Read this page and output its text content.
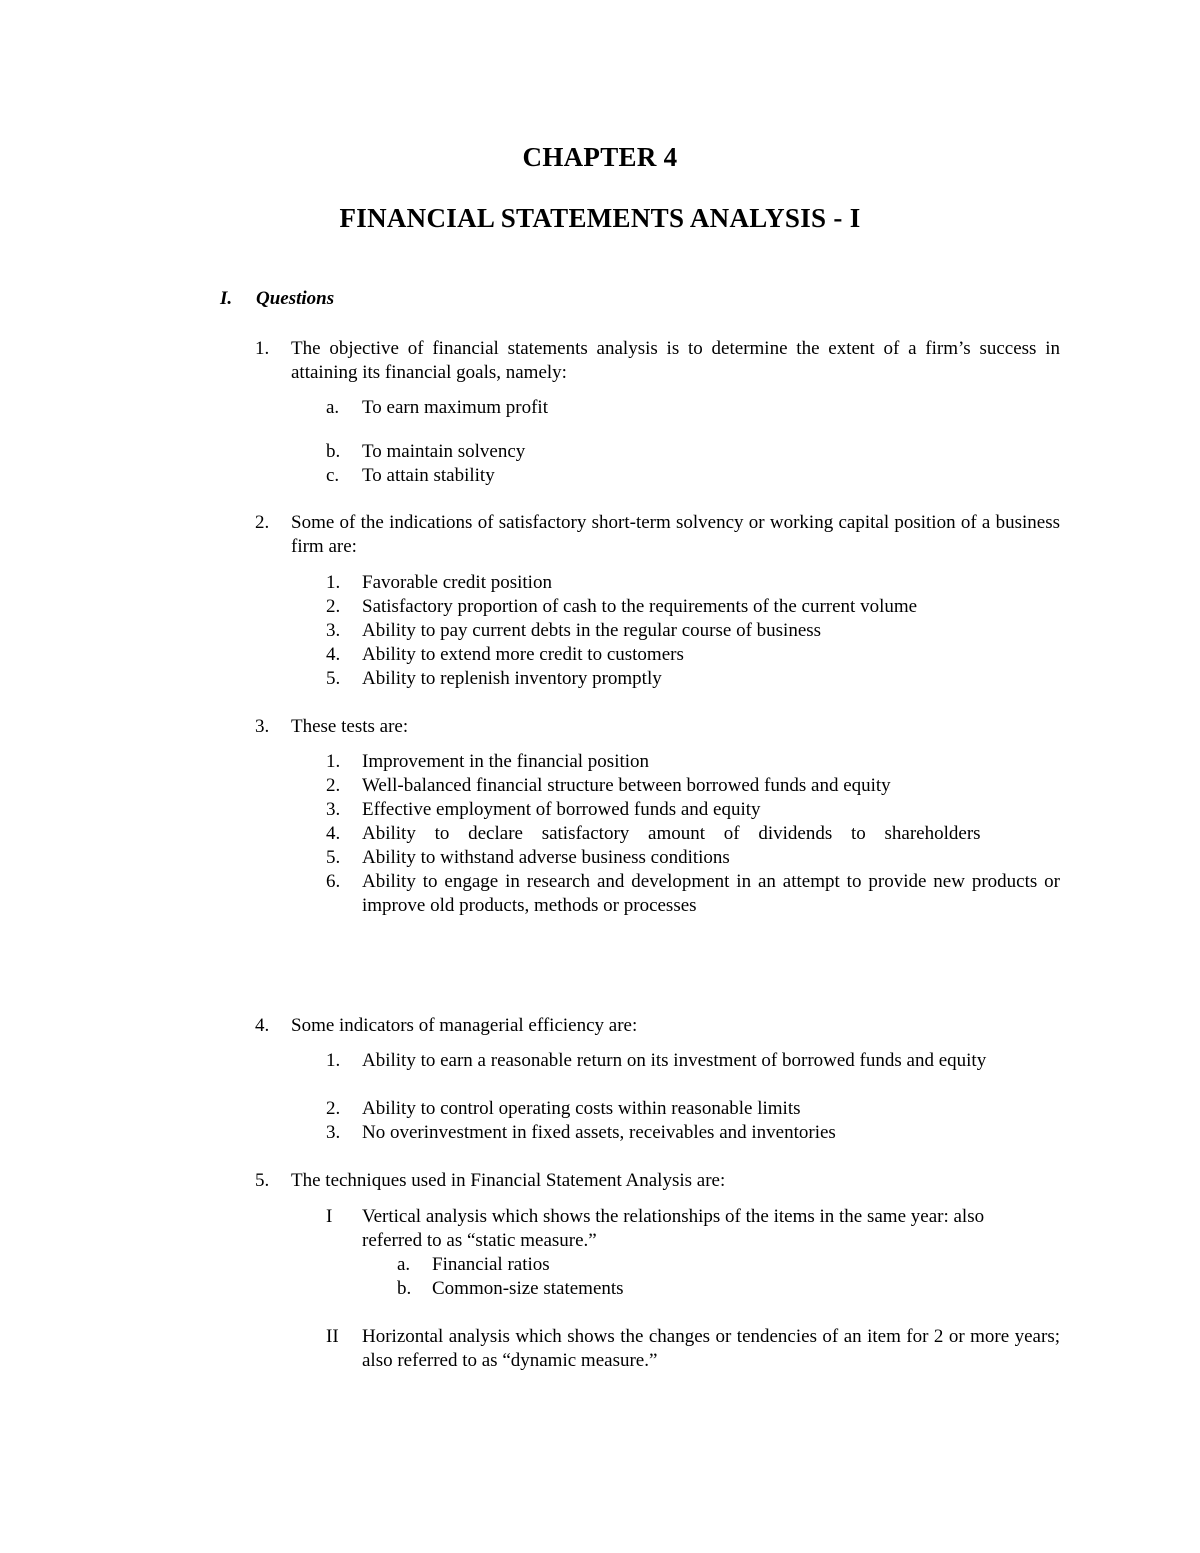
CHAPTER 4
FINANCIAL STATEMENTS ANALYSIS - I
I. Questions
1.	The objective of financial statements analysis is to determine the extent of a firm’s success in attaining its financial goals, namely:
a. To earn maximum profit
b. To maintain solvency
c. To attain stability
2.	Some of the indications of satisfactory short-term solvency or working capital position of a business firm are:
1. Favorable credit position
2. Satisfactory proportion of cash to the requirements of the current volume
3. Ability to pay current debts in the regular course of business
4. Ability to extend more credit to customers
5. Ability to replenish inventory promptly
3.	These tests are:
1. Improvement in the financial position
2. Well-balanced financial structure between borrowed funds and equity
3. Effective employment of borrowed funds and equity
4. Ability to declare satisfactory amount of dividends to shareholders
5. Ability to withstand adverse business conditions
6. Ability to engage in research and development in an attempt to provide new products or improve old products, methods or processes
4.	Some indicators of managerial efficiency are:
1. Ability to earn a reasonable return on its investment of borrowed funds and equity
2. Ability to control operating costs within reasonable limits
3. No overinvestment in fixed assets, receivables and inventories
5.	The techniques used in Financial Statement Analysis are:
I Vertical analysis which shows the relationships of the items in the same year: also referred to as “static measure.”
a. Financial ratios
b. Common-size statements
II Horizontal analysis which shows the changes or tendencies of an item for 2 or more years; also referred to as “dynamic measure.”
